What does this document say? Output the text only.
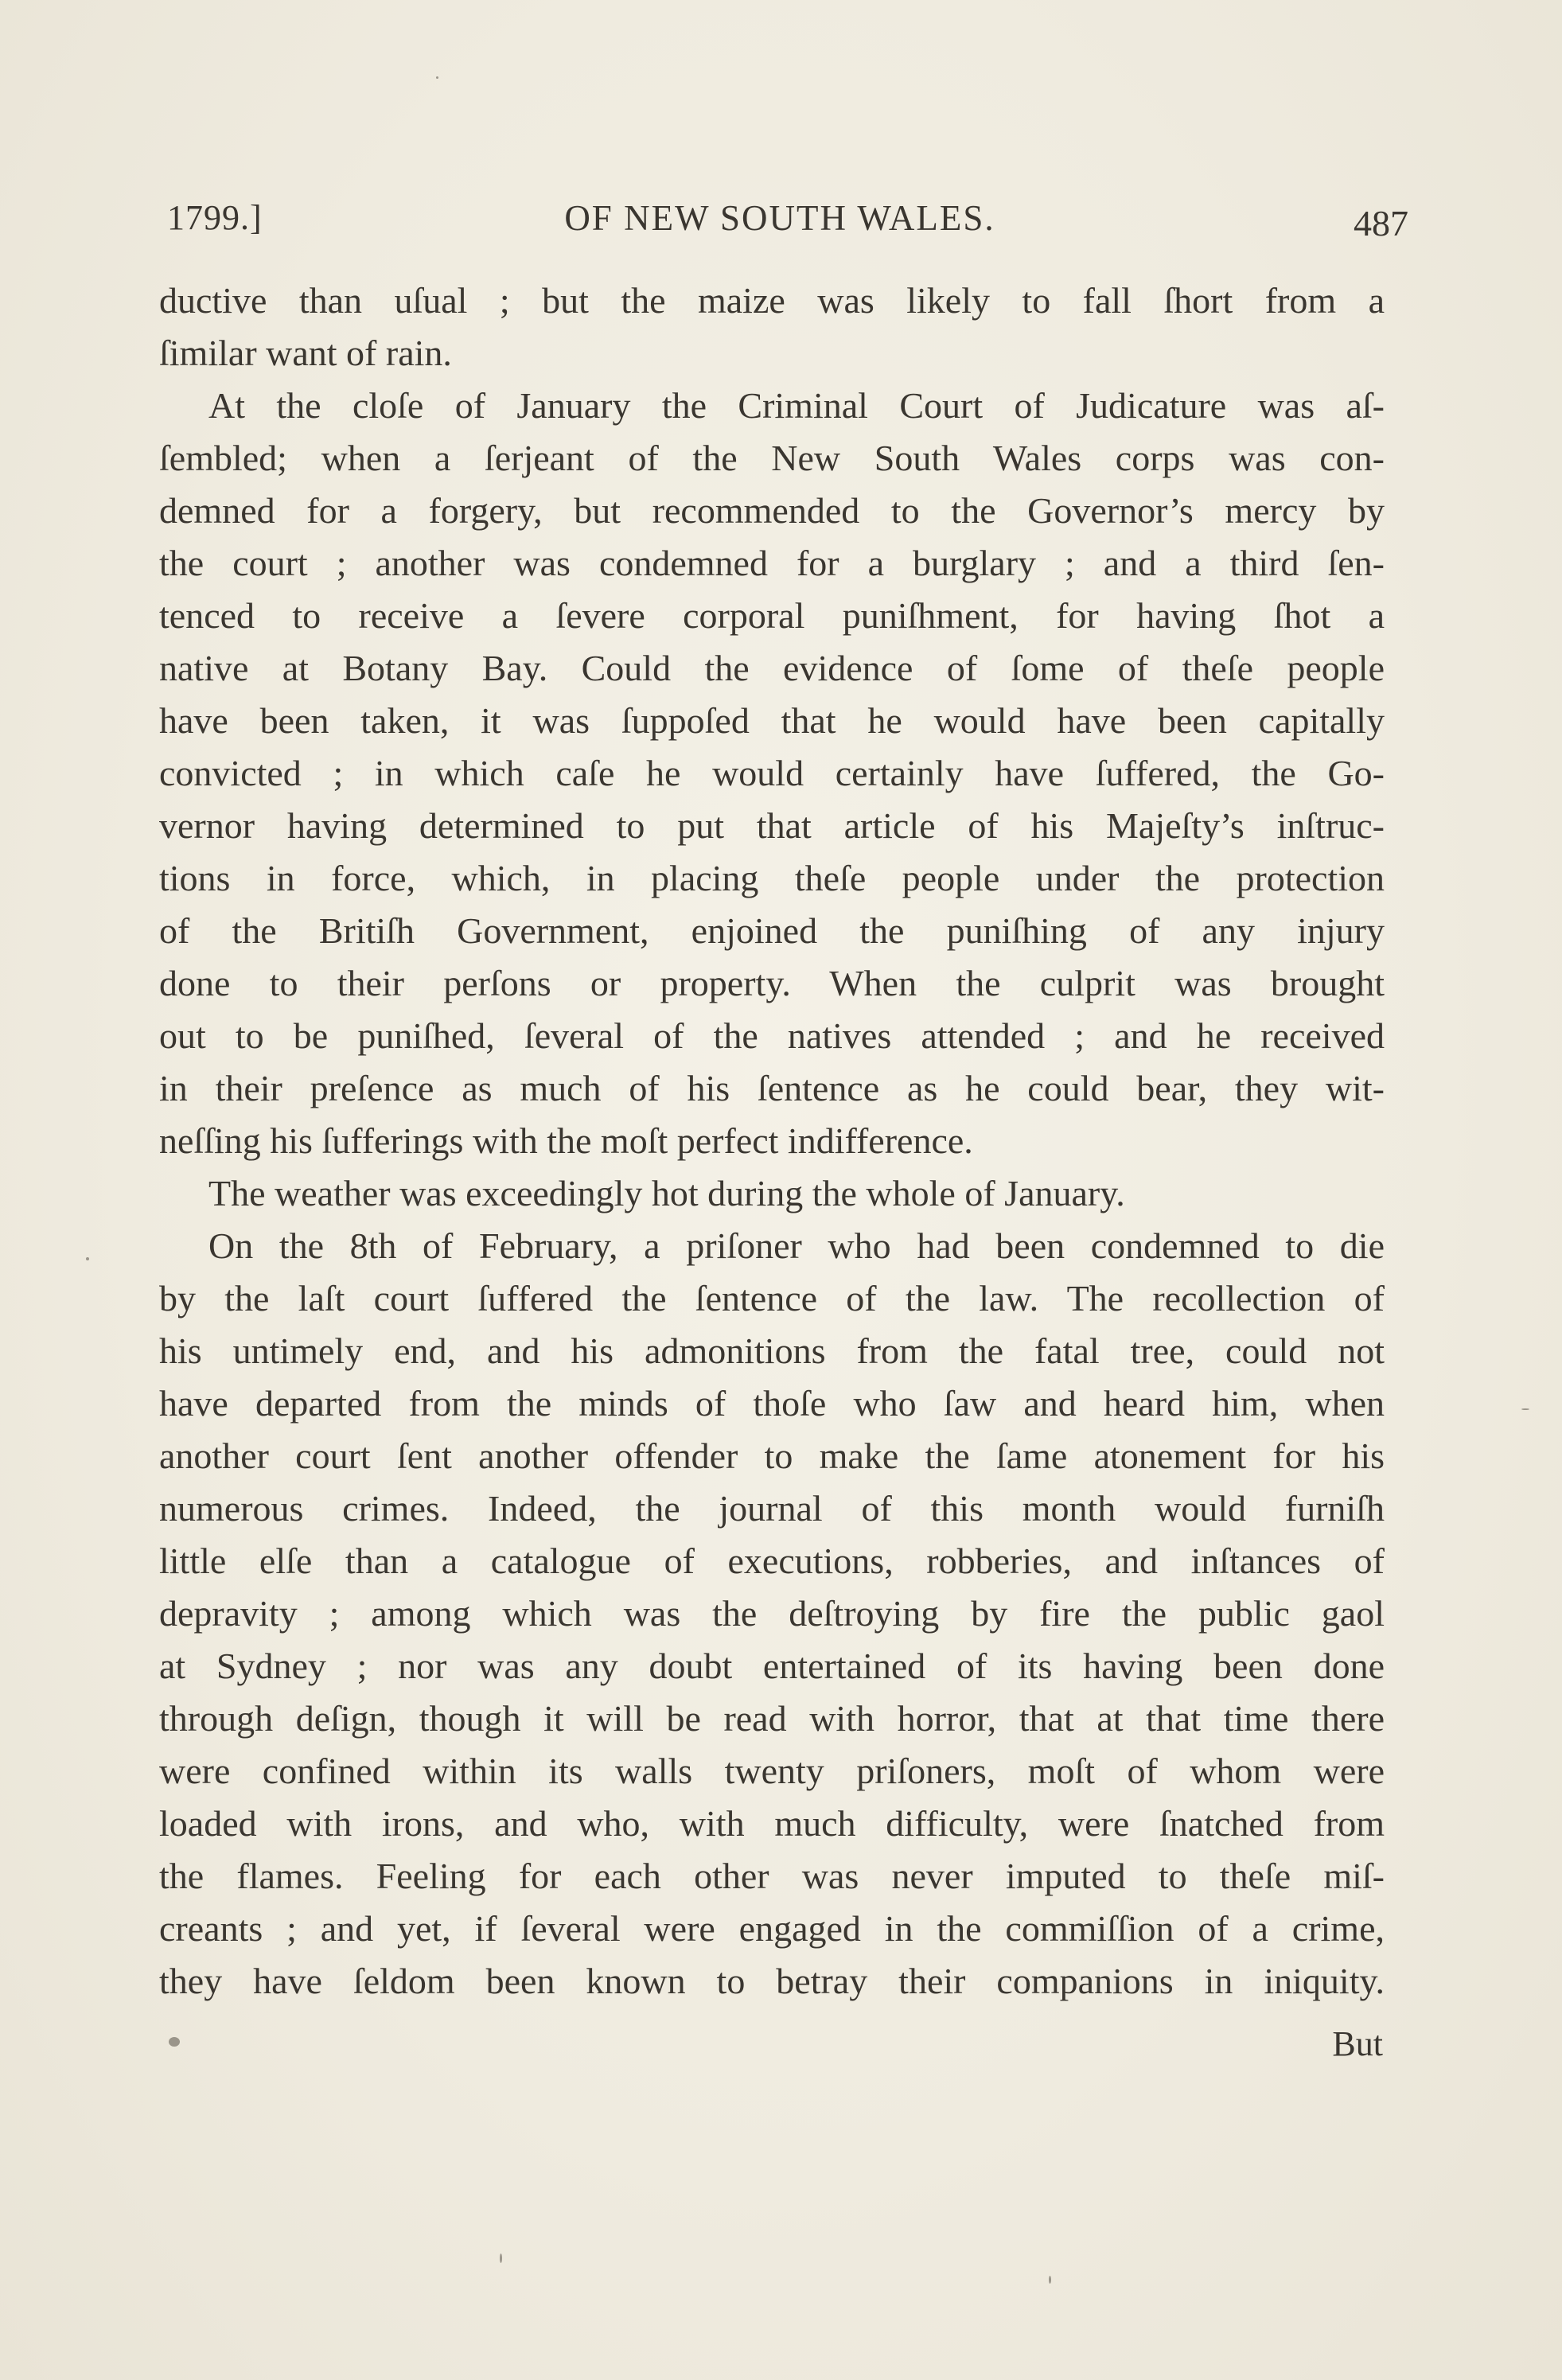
1799.]	OF NEW SOUTH WALES.	487
ductive than uſual ; but the maize was likely to fall ſhort from a
ſimilar want of rain.
At the cloſe of January the Criminal Court of Judicature was aſ-
ſembled; when a ſerjeant of the New South Wales corps was con-
demned for a forgery, but recommended to the Governor’s mercy by
the court ; another was condemned for a burglary ; and a third ſen-
tenced to receive a ſevere corporal puniſhment, for having ſhot a
native at Botany Bay. Could the evidence of ſome of theſe people
have been taken, it was ſuppoſed that he would have been capitally
convicted ; in which caſe he would certainly have ſuffered, the Go-
vernor having determined to put that article of his Majeſty’s inſtruc-
tions in force, which, in placing theſe people under the protection
of the Britiſh Government, enjoined the puniſhing of any injury
done to their perſons or property. When the culprit was brought
out to be puniſhed, ſeveral of the natives attended ; and he received
in their preſence as much of his ſentence as he could bear, they wit-
neſſing his ſufferings with the moſt perfect indifference.
The weather was exceedingly hot during the whole of January.
On the 8th of February, a priſoner who had been condemned to die
by the laſt court ſuffered the ſentence of the law. The recollection of
his untimely end, and his admonitions from the fatal tree, could not
have departed from the minds of thoſe who ſaw and heard him, when
another court ſent another offender to make the ſame atonement for his
numerous crimes. Indeed, the journal of this month would furniſh
little elſe than a catalogue of executions, robberies, and inſtances of
depravity ; among which was the deſtroying by fire the public gaol
at Sydney ; nor was any doubt entertained of its having been done
through deſign, though it will be read with horror, that at that time there
were confined within its walls twenty priſoners, moſt of whom were
loaded with irons, and who, with much difficulty, were ſnatched from
the flames. Feeling for each other was never imputed to theſe miſ-
creants ; and yet, if ſeveral were engaged in the commiſſion of a crime,
they have ſeldom been known to betray their companions in iniquity.
But
